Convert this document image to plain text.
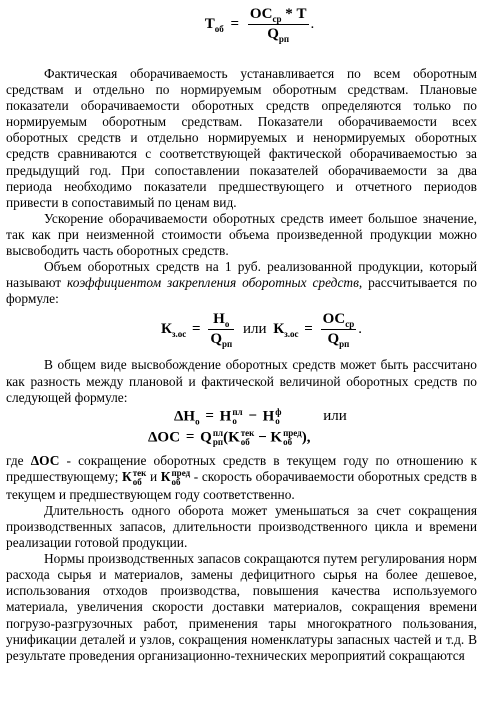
$T_{об} = \frac{ОС_{ср} * T}{Q_{рп}}$ .

Фактическая оборачиваемость устанавливается по всем оборотным средствам и отдельно по нормируемым оборотным средствам. Плановые показатели оборачиваемости оборотных средств определяются только по нормируемым оборотным средствам. Показатели оборачиваемости всех оборотных средств и отдельно нормируемых и ненормируемых оборотных средств сравниваются с соответствующей фактической оборачиваемостью за предыдущий год. При сопоставлении показателей оборачиваемости за два периода необходимо показатели предшествующего и отчетного периодов привести в сопоставимый по ценам вид.

Ускорение оборачиваемости оборотных средств имеет большое значение, так как при неизменной стоимости объема произведенной продукции можно высвободить часть оборотных средств.

Объем оборотных средств на 1 руб. реализованной продукции, который называют коэффициентом закрепления оборотных средств, рассчитывается по формуле:

$К_{з.ос} = \frac{Н_о}{Q_{рп}}$ или $К_{з.ос} = \frac{ОС_{ср}}{Q_{рп}}$ .

В общем виде высвобождение оборотных средств может быть рассчитано как разность между плановой и фактической величиной оборотных средств по следующей формуле:

$\Delta Н_о = Н$ пл
о − Н ф
о	или
ΔОС = Q пл
рп (K тек
об − K пред
об ),

где ΔОС - сокращение оборотных средств в текущем году по отношению к предшествующему; К тек
об и К пред
об - скорость оборачиваемости оборотных средств в текущем и предшествующем году соответственно.

Длительность одного оборота может уменьшаться за счет сокращения производственных запасов, длительности производственного цикла и времени реализации готовой продукции.

Нормы производственных запасов сокращаются путем регулирования норм расхода сырья и материалов, замены дефицитного сырья на более дешевое, использования отходов производства, повышения качества используемого материала, увеличения скорости доставки материалов, сокращения времени погрузо-разгрузочных работ, применения тары многократного пользования, унификации деталей и узлов, сокращения номенклатуры запасных частей и т.д. В результате проведения организационно-технических мероприятий сокращаются
